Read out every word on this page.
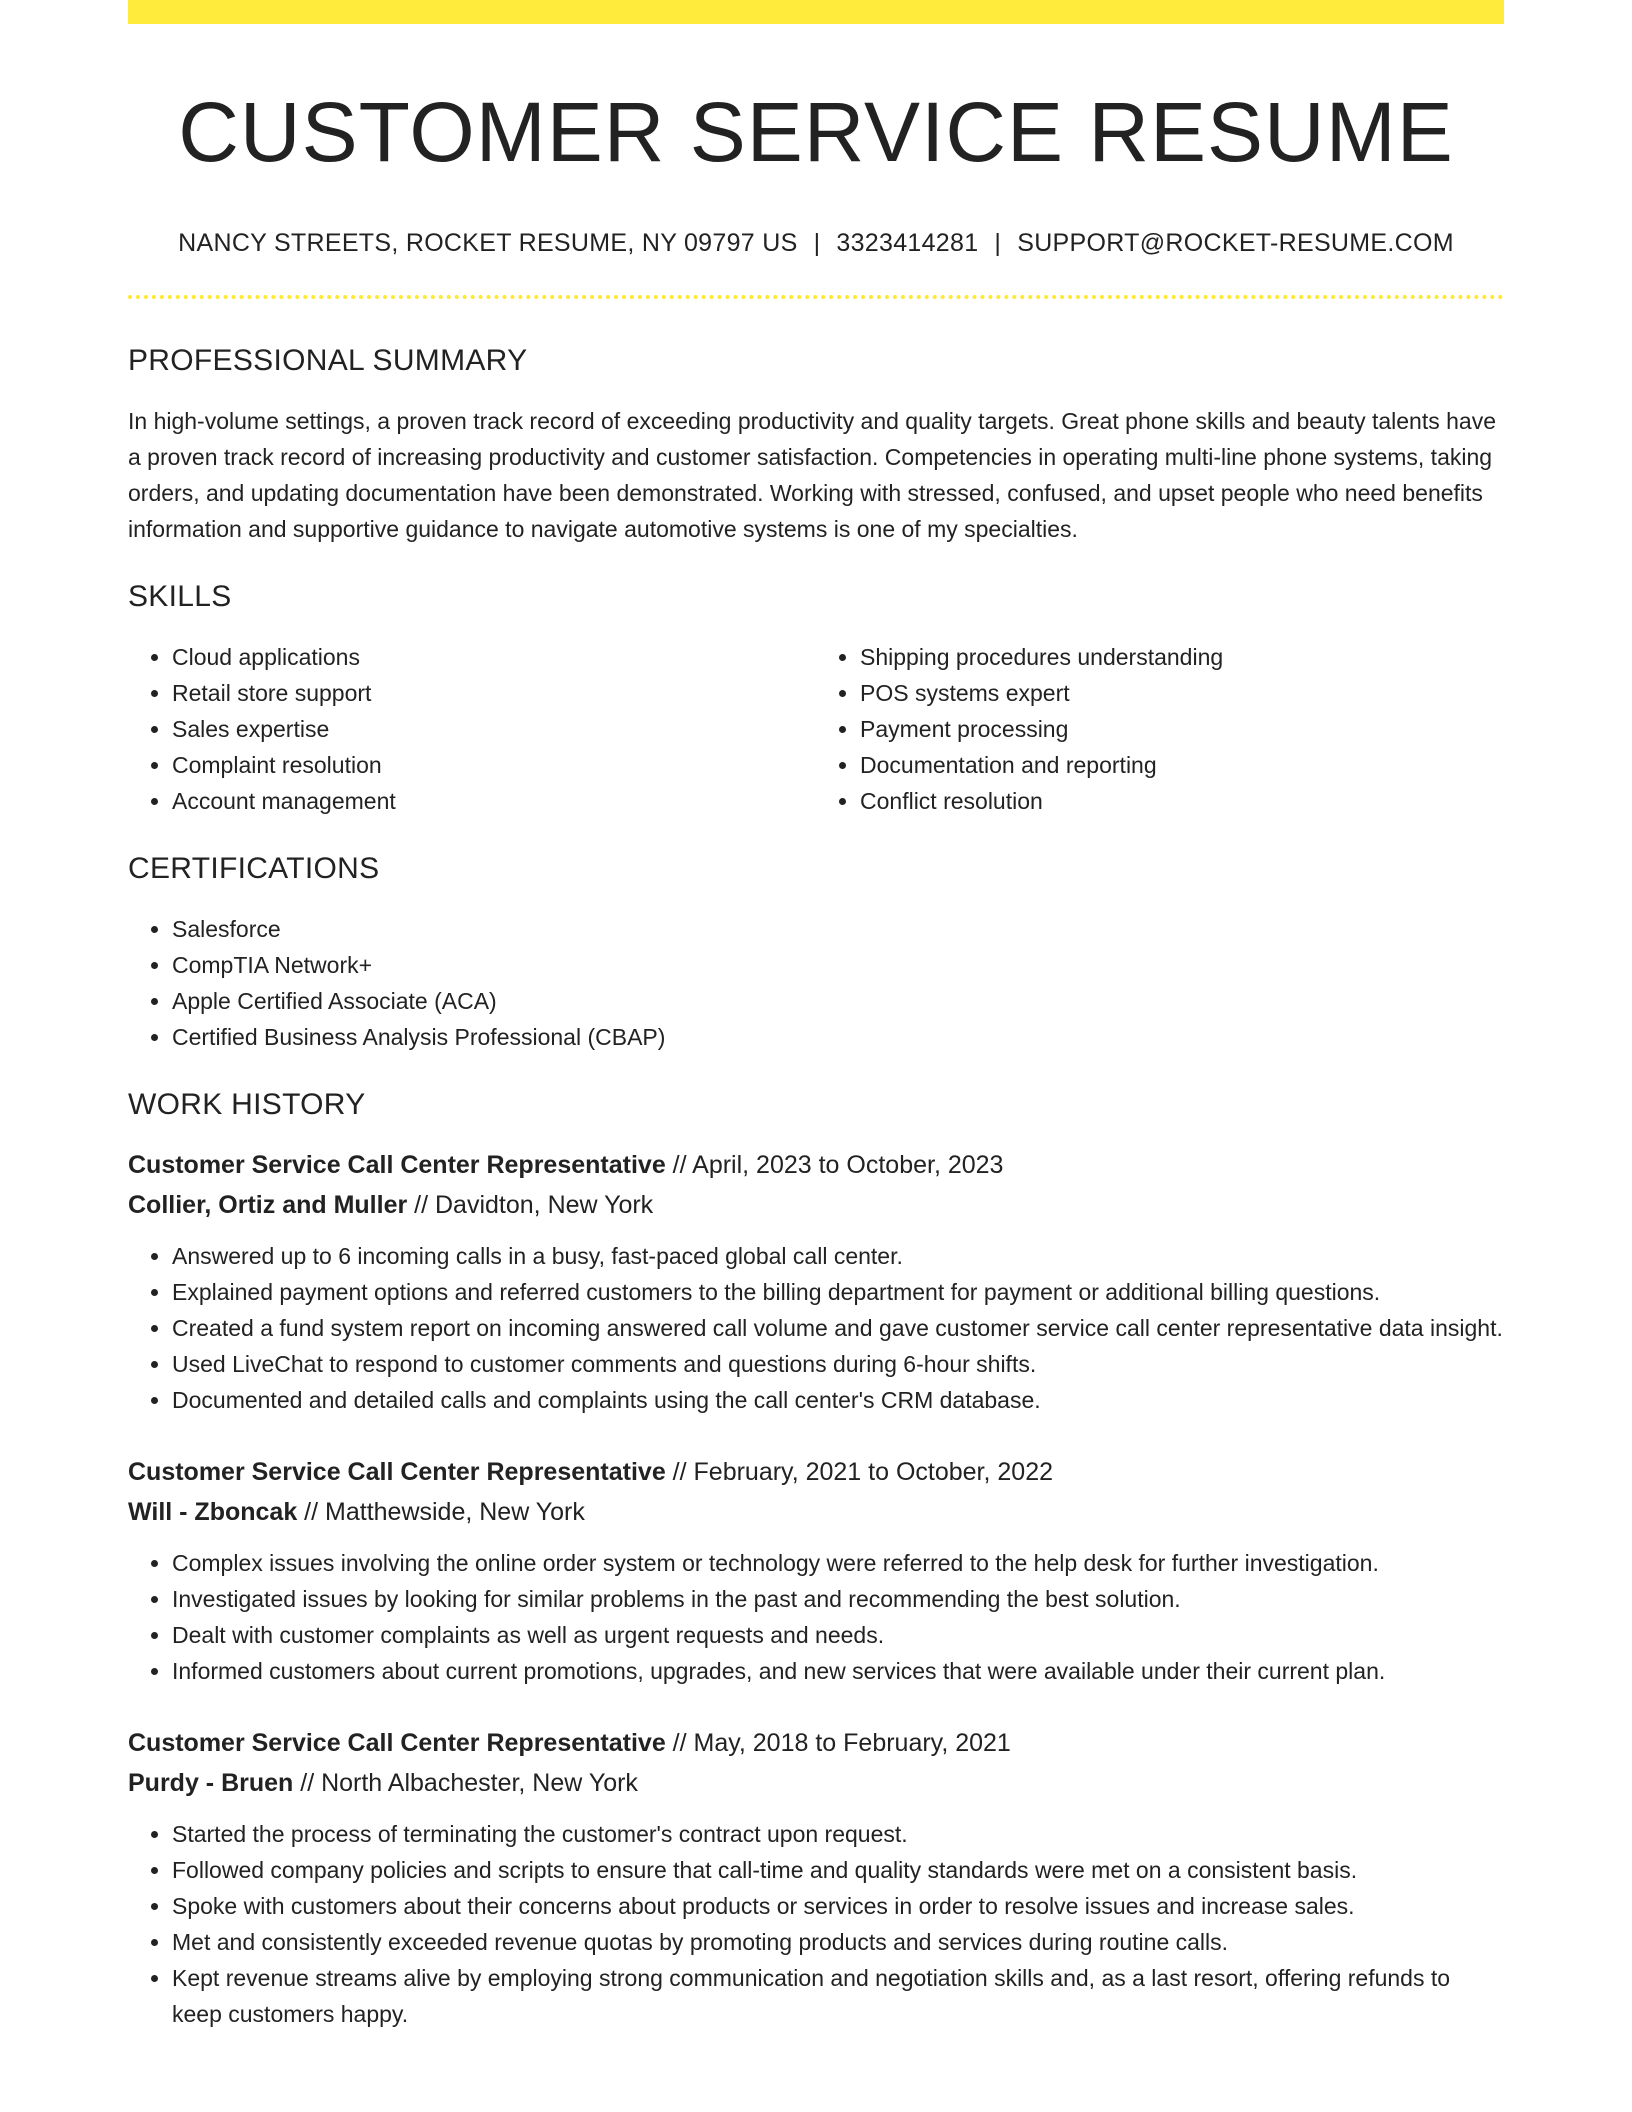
CUSTOMER SERVICE RESUME
NANCY STREETS, ROCKET RESUME, NY 09797 US | 3323414281 | SUPPORT@ROCKET-RESUME.COM
PROFESSIONAL SUMMARY

In high-volume settings, a proven track record of exceeding productivity and quality targets. Great phone skills and beauty talents have a proven track record of increasing productivity and customer satisfaction. Competencies in operating multi-line phone systems, taking orders, and updating documentation have been demonstrated. Working with stressed, confused, and upset people who need benefits information and supportive guidance to navigate automotive systems is one of my specialties.

SKILLS
• Cloud applications
• Retail store support
• Sales expertise
• Complaint resolution
• Account management
• Shipping procedures understanding
• POS systems expert
• Payment processing
• Documentation and reporting
• Conflict resolution
CERTIFICATIONS
• Salesforce
• CompTIA Network+
• Apple Certified Associate (ACA)
• Certified Business Analysis Professional (CBAP)
WORK HISTORY
Customer Service Call Center Representative // April, 2023 to October, 2023
Collier, Ortiz and Muller // Davidton, New York
• Answered up to 6 incoming calls in a busy, fast-paced global call center.
• Explained payment options and referred customers to the billing department for payment or additional billing questions.
• Created a fund system report on incoming answered call volume and gave customer service call center representative data insight.
• Used LiveChat to respond to customer comments and questions during 6-hour shifts.
• Documented and detailed calls and complaints using the call center's CRM database.
Customer Service Call Center Representative // February, 2021 to October, 2022
Will - Zboncak // Matthewside, New York
• Complex issues involving the online order system or technology were referred to the help desk for further investigation.
• Investigated issues by looking for similar problems in the past and recommending the best solution.
• Dealt with customer complaints as well as urgent requests and needs.
• Informed customers about current promotions, upgrades, and new services that were available under their current plan.
Customer Service Call Center Representative // May, 2018 to February, 2021
Purdy - Bruen // North Albachester, New York
• Started the process of terminating the customer's contract upon request.
• Followed company policies and scripts to ensure that call-time and quality standards were met on a consistent basis.
• Spoke with customers about their concerns about products or services in order to resolve issues and increase sales.
• Met and consistently exceeded revenue quotas by promoting products and services during routine calls.
• Kept revenue streams alive by employing strong communication and negotiation skills and, as a last resort, offering refunds to keep customers happy.
